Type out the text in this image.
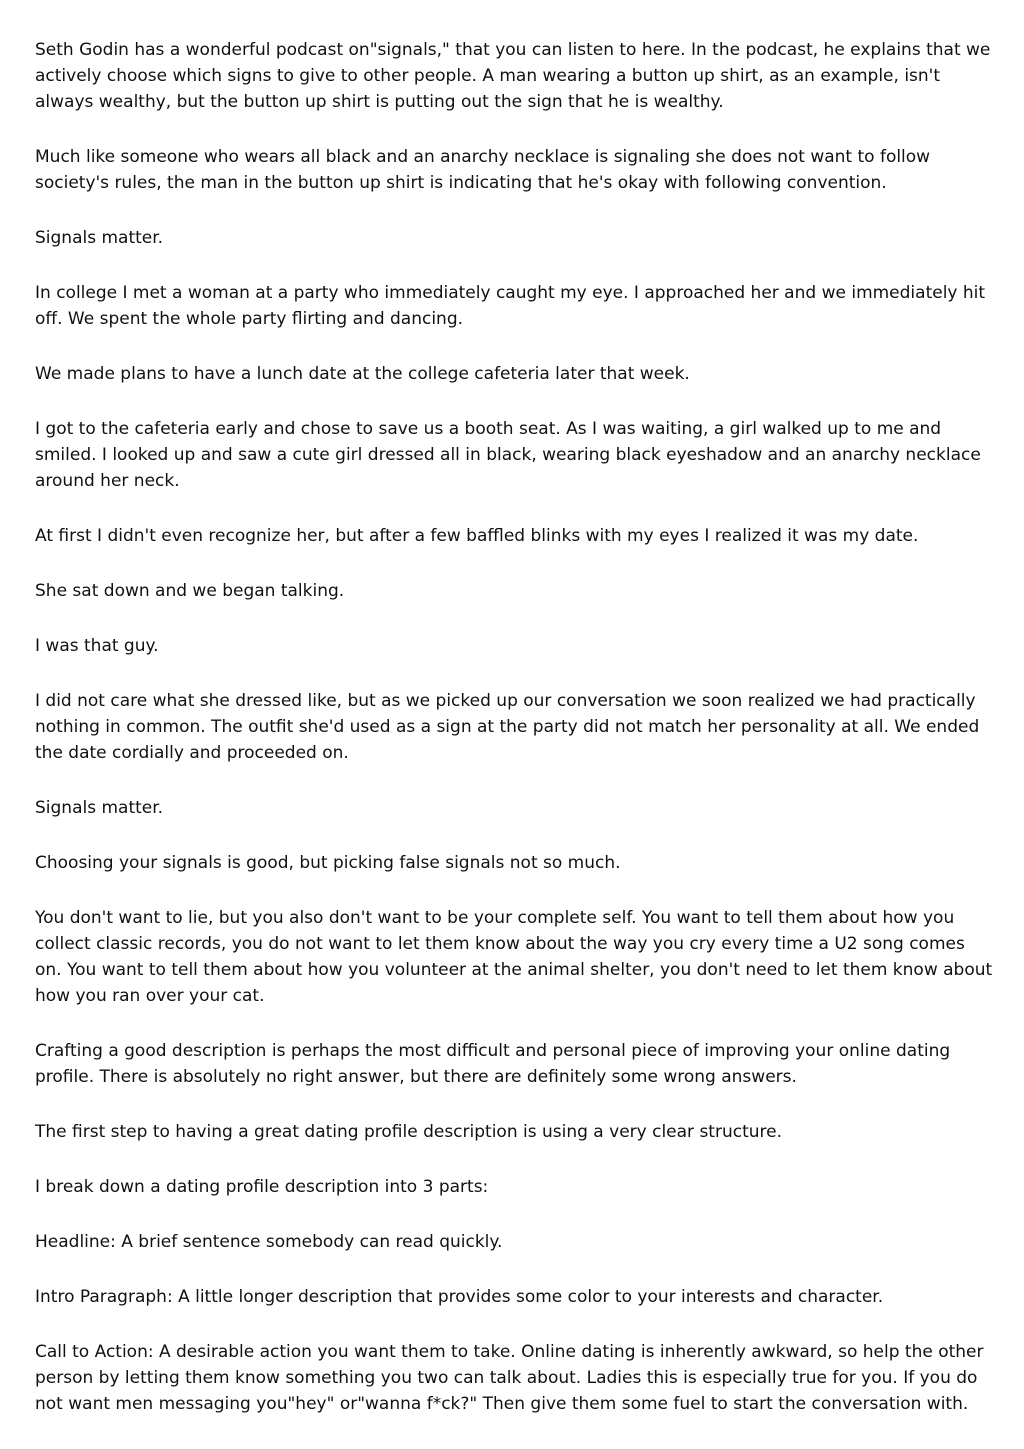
Seth Godin has a wonderful podcast on"signals," that you can listen to here. In the podcast, he explains that we actively choose which signs to give to other people. A man wearing a button up shirt, as an example, isn't always wealthy, but the button up shirt is putting out the sign that he is wealthy.

Much like someone who wears all black and an anarchy necklace is signaling she does not want to follow society's rules, the man in the button up shirt is indicating that he's okay with following convention.

Signals matter.

In college I met a woman at a party who immediately caught my eye. I approached her and we immediately hit off. We spent the whole party flirting and dancing.

We made plans to have a lunch date at the college cafeteria later that week.

I got to the cafeteria early and chose to save us a booth seat. As I was waiting, a girl walked up to me and smiled. I looked up and saw a cute girl dressed all in black, wearing black eyeshadow and an anarchy necklace around her neck.

At first I didn't even recognize her, but after a few baffled blinks with my eyes I realized it was my date.

She sat down and we began talking.

I was that guy.

I did not care what she dressed like, but as we picked up our conversation we soon realized we had practically nothing in common. The outfit she'd used as a sign at the party did not match her personality at all. We ended the date cordially and proceeded on.

Signals matter.

Choosing your signals is good, but picking false signals not so much.

You don't want to lie, but you also don't want to be your complete self. You want to tell them about how you collect classic records, you do not want to let them know about the way you cry every time a U2 song comes on. You want to tell them about how you volunteer at the animal shelter, you don't need to let them know about how you ran over your cat.

Crafting a good description is perhaps the most difficult and personal piece of improving your online dating profile. There is absolutely no right answer, but there are definitely some wrong answers.

The first step to having a great dating profile description is using a very clear structure.

I break down a dating profile description into 3 parts:

Headline: A brief sentence somebody can read quickly.

Intro Paragraph: A little longer description that provides some color to your interests and character.

Call to Action: A desirable action you want them to take. Online dating is inherently awkward, so help the other person by letting them know something you two can talk about. Ladies this is especially true for you. If you do not want men messaging you"hey" or"wanna f*ck?" Then give them some fuel to start the conversation with.
